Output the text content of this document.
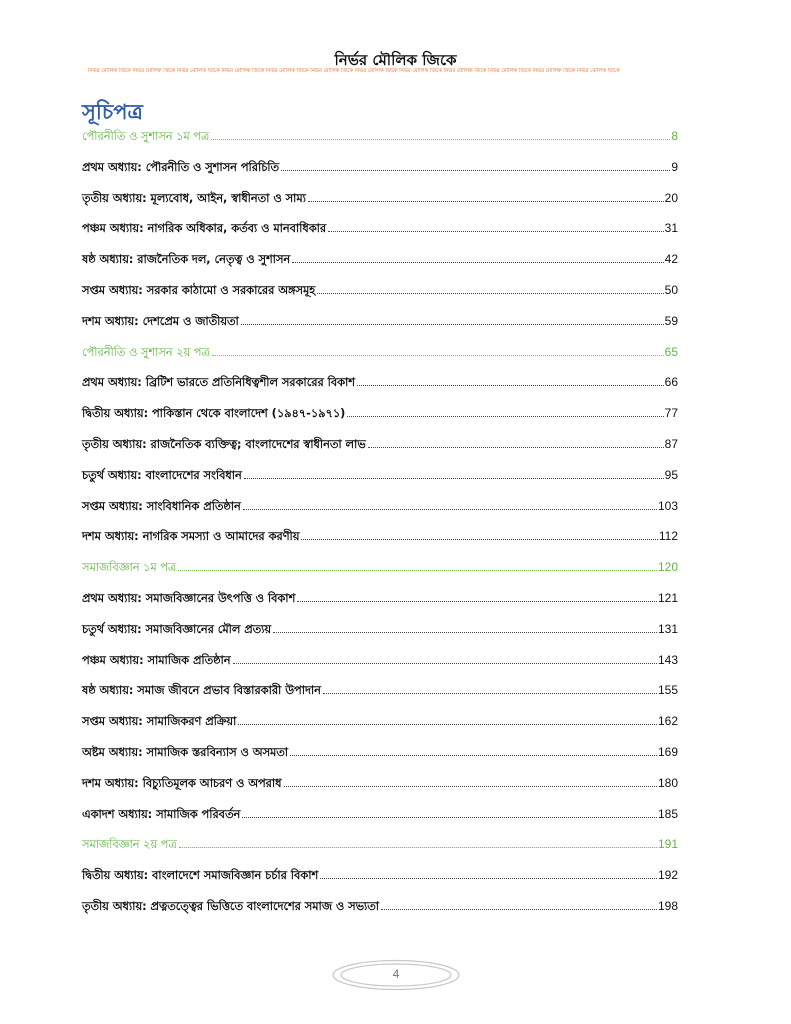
নির্ভর মৌলিক জিকে
নির্ভর মৌলিক জিকে নির্ভর মৌলিক জিকে নির্ভর মৌলিক জিকে নির্ভর মৌলিক জিকে নির্ভর মৌলিক জিকে নির্ভর মৌলিক জিকে নির্ভর মৌলিক জিকে নির্ভর মৌলিক জিকে নির্ভর মৌলিক জিকে নির্ভর মৌলিক জিকে নির্ভর মৌলিক জিকে নির্ভর মৌলিক জিকে
সূচিপত্র
পৌরনীতি ও সুশাসন ১ম পত্র	8
প্রথম অধ্যায়: পৌরনীতি ও সুশাসন পরিচিতি	9
তৃতীয় অধ্যায়: মূল্যবোধ, আইন, স্বাধীনতা ও সাম্য	20
পঞ্চম অধ্যায়: নাগরিক অধিকার, কর্তব্য ও মানবাধিকার	31
ষষ্ঠ অধ্যায়: রাজনৈতিক দল, নেতৃত্ব ও সুশাসন	42
সপ্তম অধ্যায়: সরকার কাঠামো ও সরকারের অঙ্গসমূহ	50
দশম অধ্যায়: দেশপ্রেম ও জাতীয়তা	59
পৌরনীতি ও সুশাসন ২য় পত্র	65
প্রথম অধ্যায়: ব্রিটিশ ভারতে প্রতিনিধিত্বশীল সরকারের বিকাশ	66
দ্বিতীয় অধ্যায়: পাকিস্তান থেকে বাংলাদেশ (১৯৪৭-১৯৭১)	77
তৃতীয় অধ্যায়: রাজনৈতিক ব্যক্তিত্ব; বাংলাদেশের স্বাধীনতা লাভ	87
চতুর্থ অধ্যায়: বাংলাদেশের সংবিধান	95
সপ্তম অধ্যায়: সাংবিধানিক প্রতিষ্ঠান	103
দশম অধ্যায়: নাগরিক সমস্যা ও আমাদের করণীয়	112
সমাজবিজ্ঞান ১ম পত্র	120
প্রথম অধ্যায়: সমাজবিজ্ঞানের উৎপত্তি ও বিকাশ	121
চতুর্থ অধ্যায়: সমাজবিজ্ঞানের মৌল প্রত্যয়	131
পঞ্চম অধ্যায়: সামাজিক প্রতিষ্ঠান	143
ষষ্ঠ অধ্যায়: সমাজ জীবনে প্রভাব বিস্তারকারী উপাদান	155
সপ্তম অধ্যায়: সামাজিকরণ প্রক্রিয়া	162
অষ্টম অধ্যায়: সামাজিক স্তরবিন্যাস ও অসমতা	169
দশম অধ্যায়: বিচ্যুতিমূলক আচরণ ও অপরাধ	180
একাদশ অধ্যায়: সামাজিক পরিবর্তন	185
সমাজবিজ্ঞান ২য় পত্র	191
দ্বিতীয় অধ্যায়: বাংলাদেশে সমাজবিজ্ঞান চর্চার বিকাশ	192
তৃতীয় অধ্যায়: প্রত্নতত্ত্বের ভিত্তিতে বাংলাদেশের সমাজ ও সভ্যতা	198
4
